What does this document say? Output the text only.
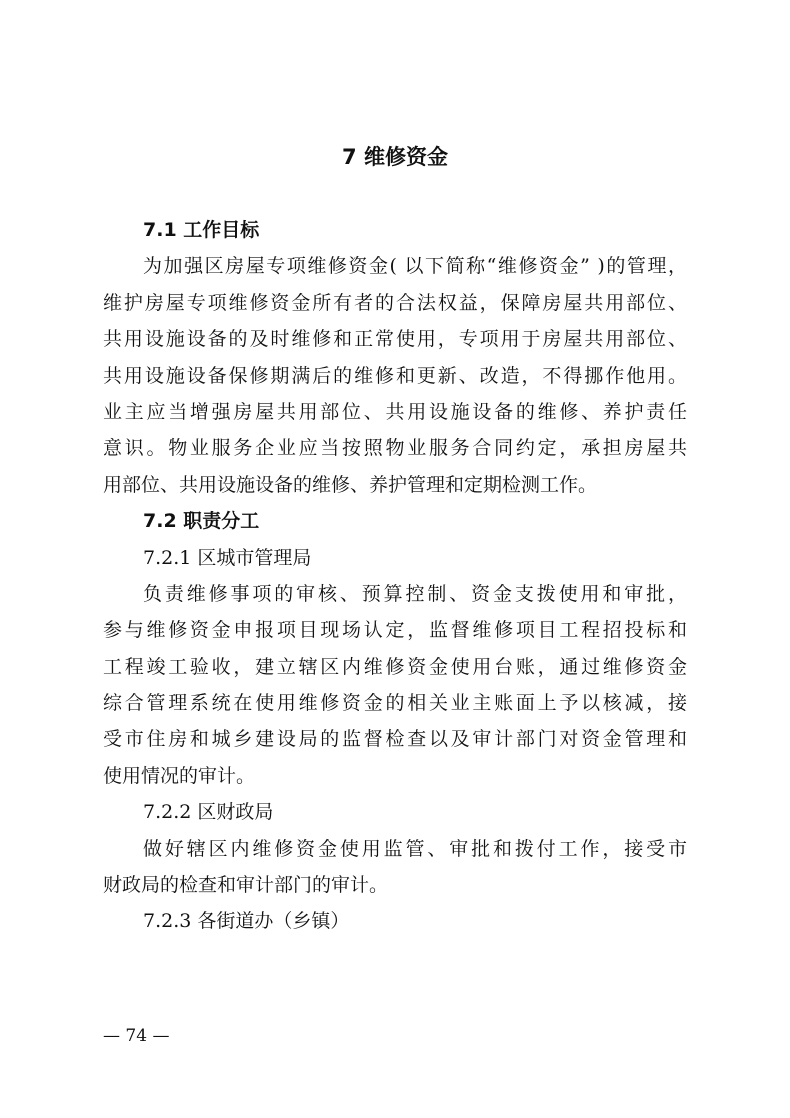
7 维修资金
7.1 工作目标
为加强区房屋专项维修资金( 以下简称“维修资金” )的管理，
维护房屋专项维修资金所有者的合法权益，保障房屋共用部位、
共用设施设备的及时维修和正常使用，专项用于房屋共用部位、
共用设施设备保修期满后的维修和更新、改造，不得挪作他用。
业主应当增强房屋共用部位、共用设施设备的维修、养护责任
意识。物业服务企业应当按照物业服务合同约定，承担房屋共
用部位、共用设施设备的维修、养护管理和定期检测工作。
7.2 职责分工
7.2.1 区城市管理局
负责维修事项的审核、预算控制、资金支拨使用和审批，
参与维修资金申报项目现场认定，监督维修项目工程招投标和
工程竣工验收，建立辖区内维修资金使用台账，通过维修资金
综合管理系统在使用维修资金的相关业主账面上予以核减，接
受市住房和城乡建设局的监督检查以及审计部门对资金管理和
使用情况的审计。
7.2.2 区财政局
做好辖区内维修资金使用监管、审批和拨付工作，接受市
财政局的检查和审计部门的审计。
7.2.3 各街道办（乡镇）
— 74 —
